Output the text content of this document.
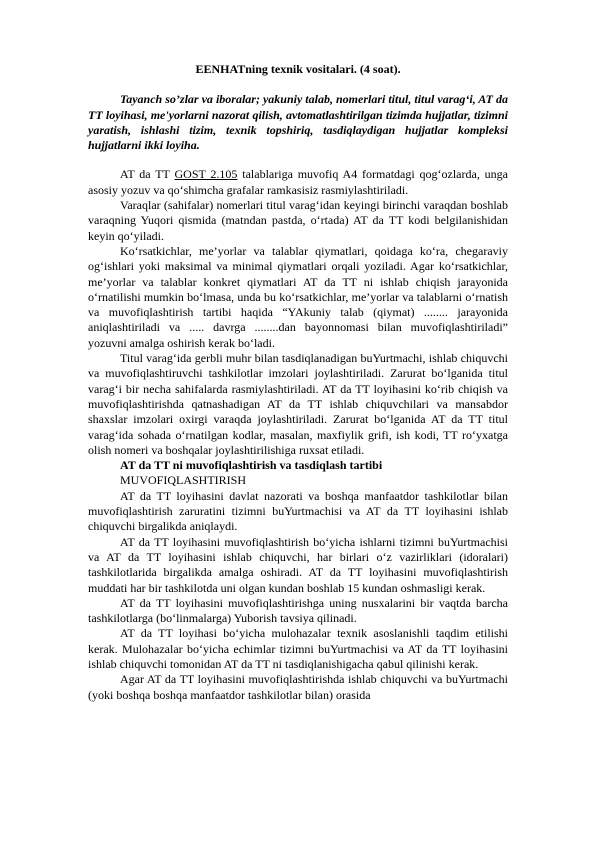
EENHATning texnik vositalari. (4 soat).

Tayanch so’zlar va iboralar; yakuniy talab, nomerlari titul, titul varag‘i, AT da TT loyihasi, me'yorlarni nazorat qilish, avtomatlashtirilgan tizimda hujjatlar, tizimni yaratish, ishlashi tizim, texnik topshiriq, tasdiqlaydigan hujjatlar kompleksi hujjatlarni ikki loyiha.

AT da TT GOST 2.105 talablariga muvofiq A4 formatdagi qog‘ozlarda, unga asosiy yozuv va qo‘shimcha grafalar ramkasisiz rasmiylashtiriladi.

Varaqlar (sahifalar) nomerlari titul varag‘idan keyingi birinchi varaqdan boshlab varaqning Yuqori qismida (matndan pastda, o‘rtada) AT da TT kodi belgilanishidan keyin qo‘yiladi.

Ko‘rsatkichlar, me’yorlar va talablar qiymatlari, qoidaga ko‘ra, chegaraviy og‘ishlari yoki maksimal va minimal qiymatlari orqali yoziladi. Agar ko‘rsatkichlar, me’yorlar va talablar konkret qiymatlari AT da TT ni ishlab chiqish jarayonida o‘rnatilishi mumkin bo‘lmasa, unda bu ko‘rsatkichlar, me’yorlar va talablarni o‘rnatish va muvofiqlashtirish tartibi haqida “YAkuniy talab (qiymat) ........ jarayonida aniqlashtiriladi va ..... davrga ........dan bayonnomasi bilan muvofiqlashtiriladi” yozuvni amalga oshirish kerak bo‘ladi.

Titul varag‘ida gerbli muhr bilan tasdiqlanadigan buYurtmachi, ishlab chiquvchi va muvofiqlashtiruvchi tashkilotlar imzolari joylashtiriladi. Zarurat bo‘lganida titul varag‘i bir necha sahifalarda rasmiylashtiriladi. AT da TT loyihasini ko‘rib chiqish va muvofiqlashtirishda qatnashadigan AT da TT ishlab chiquvchilari va mansabdor shaxslar imzolari oxirgi varaqda joylashtiriladi. Zarurat bo‘lganida AT da TT titul varag‘ida sohada o‘rnatilgan kodlar, masalan, maxfiylik grifi, ish kodi, TT ro‘yxatga olish nomeri va boshqalar joylashtirilishiga ruxsat etiladi.

AT da TT ni muvofiqlashtirish va tasdiqlash tartibi
MUVOFIQLASHTIRISH

AT da TT loyihasini davlat nazorati va boshqa manfaatdor tashkilotlar bilan muvofiqlashtirish zaruratini tizimni buYurtmachisi va AT da TT loyihasini ishlab chiquvchi birgalikda aniqlaydi.

AT da TT loyihasini muvofiqlashtirish bo‘yicha ishlarni tizimni buYurtmachisi va AT da TT loyihasini ishlab chiquvchi, har birlari o‘z vazirliklari (idoralari) tashkilotlarida birgalikda amalga oshiradi. AT da TT loyihasini muvofiqlashtirish muddati har bir tashkilotda uni olgan kundan boshlab 15 kundan oshmasligi kerak.

AT da TT loyihasini muvofiqlashtirishga uning nusxalarini bir vaqtda barcha tashkilotlarga (bo‘linmalarga) Yuborish tavsiya qilinadi.

AT da TT loyihasi bo‘yicha mulohazalar texnik asoslanishli taqdim etilishi kerak. Mulohazalar bo‘yicha echimlar tizimni buYurtmachisi va AT da TT loyihasini ishlab chiquvchi tomonidan AT da TT ni tasdiqlanishigacha qabul qilinishi kerak.

Agar AT da TT loyihasini muvofiqlashtirishda ishlab chiquvchi va buYurtmachi (yoki boshqa boshqa manfaatdor tashkilotlar bilan) orasida
